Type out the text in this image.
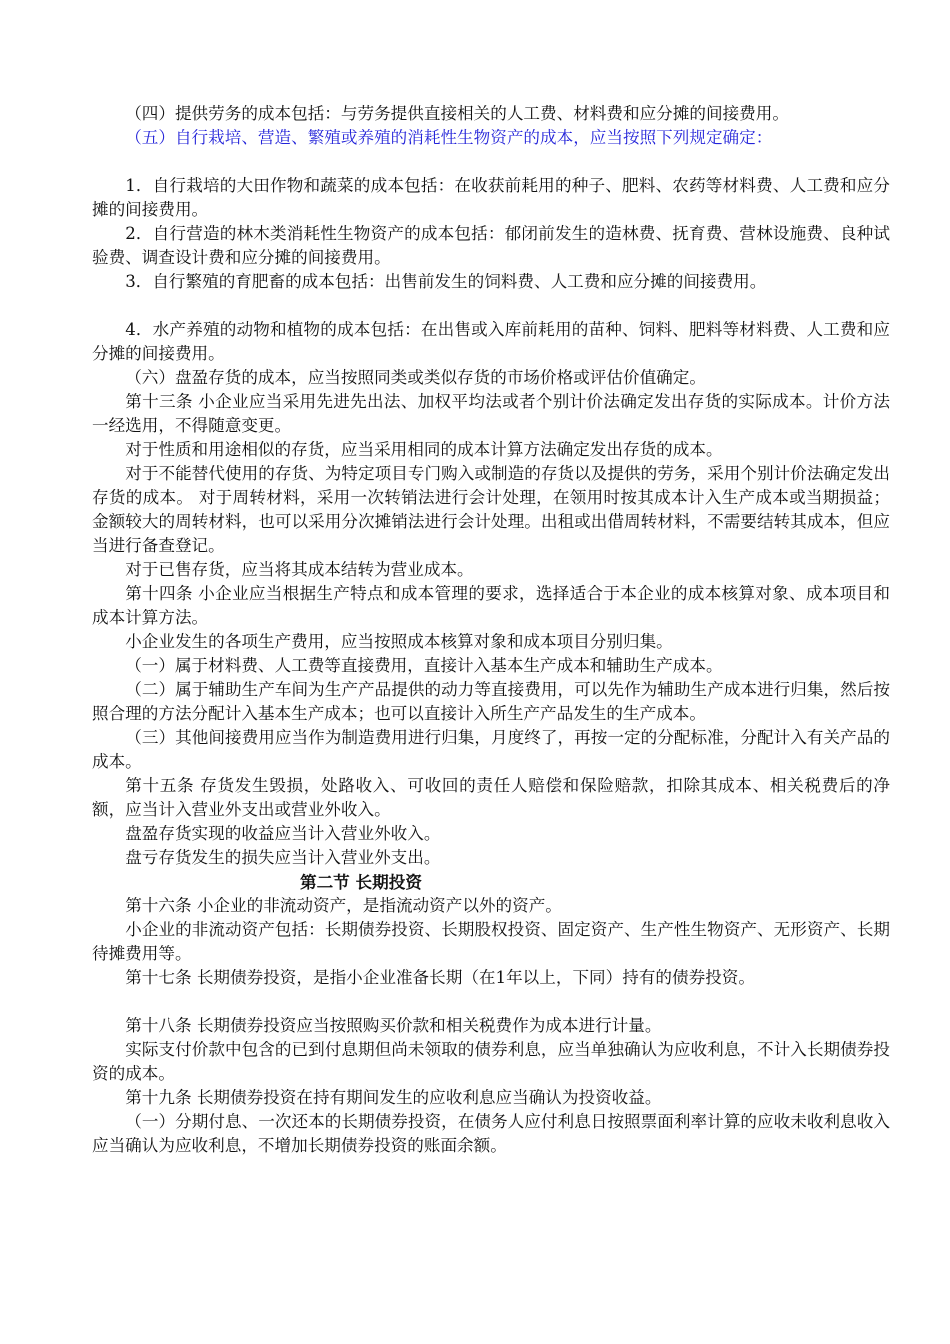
（四）提供劳务的成本包括：与劳务提供直接相关的人工费、材料费和应分摊的间接费用。

（五）自行栽培、营造、繁殖或养殖的消耗性生物资产的成本，应当按照下列规定确定：

1．自行栽培的大田作物和蔬菜的成本包括：在收获前耗用的种子、肥料、农药等材料费、人工费和应分摊的间接费用。

2．自行营造的林木类消耗性生物资产的成本包括：郁闭前发生的造林费、抚育费、营林设施费、良种试验费、调查设计费和应分摊的间接费用。

3．自行繁殖的育肥畜的成本包括：出售前发生的饲料费、人工费和应分摊的间接费用。

4．水产养殖的动物和植物的成本包括：在出售或入库前耗用的苗种、饲料、肥料等材料费、人工费和应分摊的间接费用。

（六）盘盈存货的成本，应当按照同类或类似存货的市场价格或评估价值确定。

第十三条 小企业应当采用先进先出法、加权平均法或者个别计价法确定发出存货的实际成本。计价方法一经选用，不得随意变更。

对于性质和用途相似的存货，应当采用相同的成本计算方法确定发出存货的成本。

对于不能替代使用的存货、为特定项目专门购入或制造的存货以及提供的劳务，采用个别计价法确定发出存货的成本。 对于周转材料，采用一次转销法进行会计处理，在领用时按其成本计入生产成本或当期损益；金额较大的周转材料，也可以采用分次摊销法进行会计处理。出租或出借周转材料，不需要结转其成本，但应当进行备查登记。

对于已售存货，应当将其成本结转为营业成本。

第十四条 小企业应当根据生产特点和成本管理的要求，选择适合于本企业的成本核算对象、成本项目和成本计算方法。

小企业发生的各项生产费用，应当按照成本核算对象和成本项目分别归集。

（一）属于材料费、人工费等直接费用，直接计入基本生产成本和辅助生产成本。

（二）属于辅助生产车间为生产产品提供的动力等直接费用，可以先作为辅助生产成本进行归集，然后按照合理的方法分配计入基本生产成本；也可以直接计入所生产产品发生的生产成本。

（三）其他间接费用应当作为制造费用进行归集，月度终了，再按一定的分配标准，分配计入有关产品的成本。

第十五条 存货发生毁损，处路收入、可收回的责任人赔偿和保险赔款，扣除其成本、相关税费后的净额，应当计入营业外支出或营业外收入。

盘盈存货实现的收益应当计入营业外收入。

盘亏存货发生的损失应当计入营业外支出。

第二节 长期投资

第十六条 小企业的非流动资产，是指流动资产以外的资产。

小企业的非流动资产包括：长期债券投资、长期股权投资、固定资产、生产性生物资产、无形资产、长期待摊费用等。

第十七条 长期债券投资，是指小企业准备长期（在1年以上，下同）持有的债券投资。

第十八条 长期债券投资应当按照购买价款和相关税费作为成本进行计量。

实际支付价款中包含的已到付息期但尚未领取的债券利息，应当单独确认为应收利息，不计入长期债券投资的成本。

第十九条 长期债券投资在持有期间发生的应收利息应当确认为投资收益。

（一）分期付息、一次还本的长期债券投资，在债务人应付利息日按照票面利率计算的应收未收利息收入应当确认为应收利息，不增加长期债券投资的账面余额。
